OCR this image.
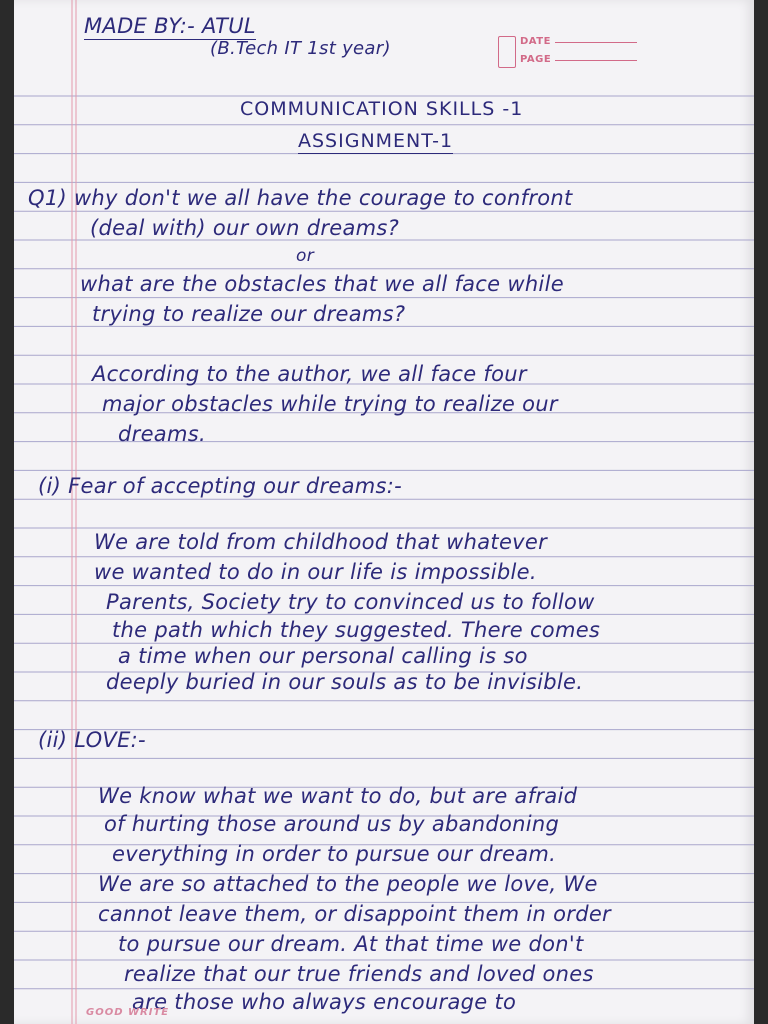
MADE BY:- ATUL
(B.Tech IT 1st year)	DATE
PAGE
COMMUNICATION SKILLS -1
ASSIGNMENT-1
Q1) why don't we all have the courage to confront
(deal with) our own dreams?
or
what are the obstacles that we all face while
trying to realize our dreams?
According to the author, we all face four
major obstacles while trying to realize our
dreams.
(i) Fear of accepting our dreams:-
We are told from childhood that whatever
we wanted to do in our life is impossible.
Parents, Society try to convinced us to follow
the path which they suggested. There comes
a time when our personal calling is so
deeply buried in our souls as to be invisible.
(ii) LOVE:-
We know what we want to do, but are afraid
of hurting those around us by abandoning
everything in order to pursue our dream.
We are so attached to the people we love, We
cannot leave them, or disappoint them in order
to pursue our dream. At that time we don't
realize that our true friends and loved ones
are those who always encourage to
GOOD WRITE
